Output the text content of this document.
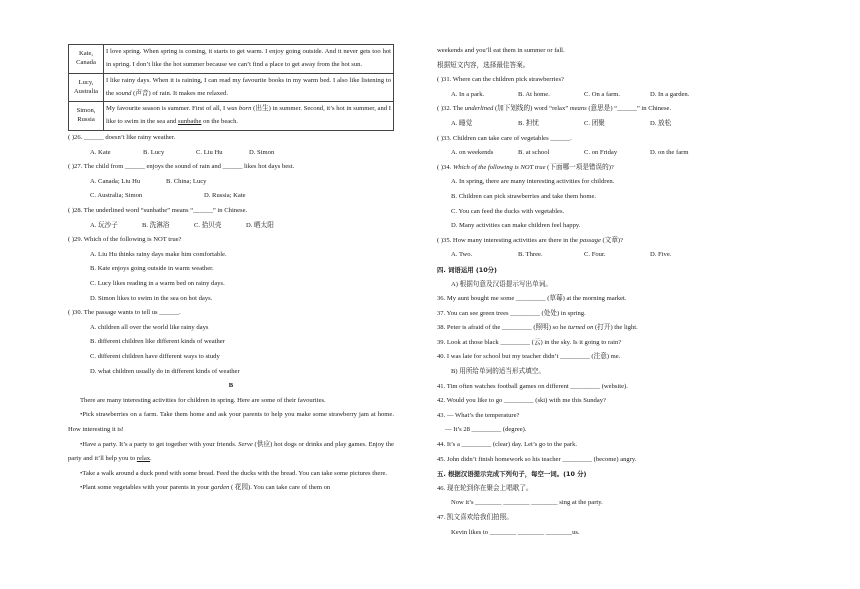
Kate,
Canada	I love spring. When spring is coming, it starts to get warm. I enjoy going outside. And it never gets too hot in spring. I don’t like the hot summer because we can’t find a place to get away from the hot sun.

Lucy,
Australia	I like rainy days. When it is raining, I can read my favourite books in my warm bed. I also like listening to the sound (声音) of rain. It makes me relaxed.

Simon,
Russia	My favourite season is summer. First of all, I was born (出生) in summer. Second, it’s hot in summer, and I like to swim in the sea and sunbathe on the beach.
( )26. ______ doesn’t like rainy weather.
A. Kate	B. Lucy	C. Liu Hu	D. Simon
( )27. The child from ______ enjoys the sound of rain and ______ likes hot days best.
A. Canada; Liu Hu	B. China; Lucy
C. Australia; Simon	D. Russia; Kate
( )28. The underlined word “sunbathe” means “______” in Chinese.
A. 玩沙子	B. 洗淋浴	C. 拾贝壳	D. 晒太阳
( )29. Which of the following is NOT true?
A. Liu Hu thinks rainy days make him comfortable.
B. Kate enjoys going outside in warm weather.
C. Lucy likes reading in a warm bed on rainy days.
D. Simon likes to swim in the sea on hot days.
( )30. The passage wants to tell us ______.
A. children all over the world like rainy days
B. different children like different kinds of weather
C. different children have different ways to study
D. what children usually do in different kinds of weather
B
There are many interesting activities for children in spring. Here are some of their favourites.
•Pick strawberries on a farm. Take them home and ask your parents to help you make some strawberry jam at home. How interesting it is!
•Have a party. It’s a party to get together with your friends. Serve (供应) hot dogs or drinks and play games. Enjoy the party and it’ll help you to relax.
•Take a walk around a duck pond with some bread. Feed the ducks with the bread. You can take some pictures there.
•Plant some vegetables with your parents in your garden ( 花园). You can take care of them on
weekends and you’ll eat them in summer or fall.
根据短文内容，选择最佳答案。
( )31. Where can the children pick strawberries?
A. In a park.	B. At home.	C. On a farm.	D. In a garden.
( )32. The underlined (加下划线的) word “relax” means (意思是) “______” in Chinese.
A. 睡觉	B. 担忧	C. 团聚	D. 放松
( )33. Children can take care of vegetables ______.
A. on weekends	B. at school	C. on Friday	D. on the farm
( )34. Which of the following is NOT true (下面哪一项是错误的)?
A. In spring, there are many interesting activities for children.
B. Children can pick strawberries and take them home.
C. You can feed the ducks with vegetables.
D. Many activities can make children feel happy.
( )35. How many interesting activities are there in the passage (文章)?
A. Two.	B. Three.	C. Four.	D. Five.
四. 词语运用 (10分)
A) 根据句意及汉语提示写出单词。
36. My aunt bought me some _________ (草莓) at the morning market.
37. You can see green trees _________ (处处) in spring.
38. Peter is afraid of the _________ (照明) so he turned on (打开) the light.
39. Look at those black _________ (云) in the sky. Is it going to rain?
40. I was late for school but my teacher didn’t _________ (注意) me.
B) 用所给单词的适当形式填空。
41. Tim often watches football games on different _________ (website).
42. Would you like to go _________ (ski) with me this Sunday?
43. — What’s the temperature?
— It’s 28 _________ (degree).
44. It’s a _________ (clear) day. Let’s go to the park.
45. John didn’t finish homework so his teacher _________ (become) angry.
五. 根据汉语提示完成下列句子，每空一词。(10 分)
46. 现在轮到你在聚会上唱歌了。
Now it’s ________ ________ ________ sing at the party.
47. 凯文喜欢给我们拍照。
Kevin likes to ________ ________ ________us.
